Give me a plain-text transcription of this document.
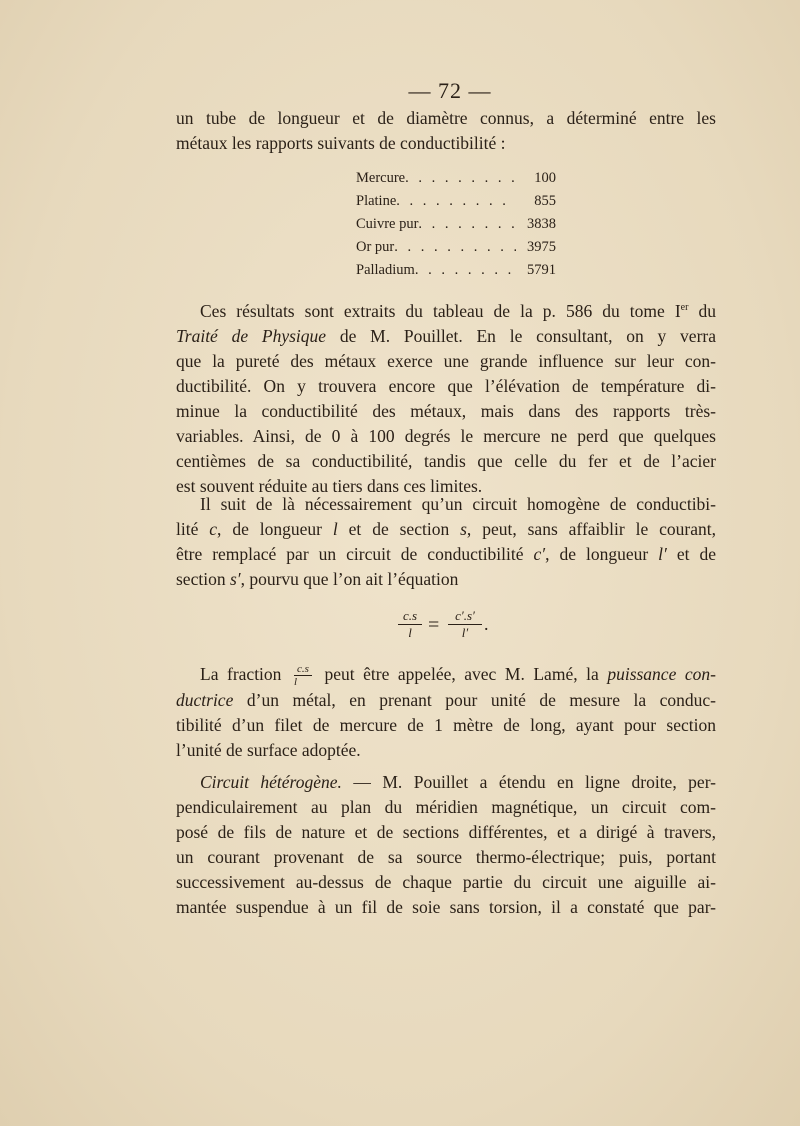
— 72 —
un tube de longueur et de diamètre connus, a déterminé entre les
métaux les rapports suivants de conductibilité :
Mercure . . .	100
Platine . . .	855
Cuivre pur . . .	3838
Or pur . . .	3975
Palladium . . .	5791
Ces résultats sont extraits du tableau de la p. 586 du tome Ier du
Traité de Physique de M. Pouillet. En le consultant, on y verra
que la pureté des métaux exerce une grande influence sur leur con-
ductibilité. On y trouvera encore que l’élévation de température di-
minue la conductibilité des métaux, mais dans des rapports très-
variables. Ainsi, de 0 à 100 degrés le mercure ne perd que quelques
centièmes de sa conductibilité, tandis que celle du fer et de l’acier
est souvent réduite au tiers dans ces limites.
Il suit de là nécessairement qu’un circuit homogène de conductibi-
lité c, de longueur l et de section s, peut, sans affaiblir le courant,
être remplacé par un circuit de conductibilité c′, de longueur l′ et de
section s′, pourvu que l’on ait l’équation
$\frac{c.s}{l} = \frac{c'.s'}{l'}$ .
La fraction $\frac{c.s}{l}$ peut être appelée, avec M. Lamé, la puissance con-
ductrice d’un métal, en prenant pour unité de mesure la conduc-
tibilité d’un filet de mercure de 1 mètre de long, ayant pour section
l’unité de surface adoptée.
Circuit hétérogène. — M. Pouillet a étendu en ligne droite, per-
pendiculairement au plan du méridien magnétique, un circuit com-
posé de fils de nature et de sections différentes, et a dirigé à travers,
un courant provenant de sa source thermo-électrique; puis, portant
successivement au-dessus de chaque partie du circuit une aiguille ai-
mantée suspendue à un fil de soie sans torsion, il a constaté que par-
